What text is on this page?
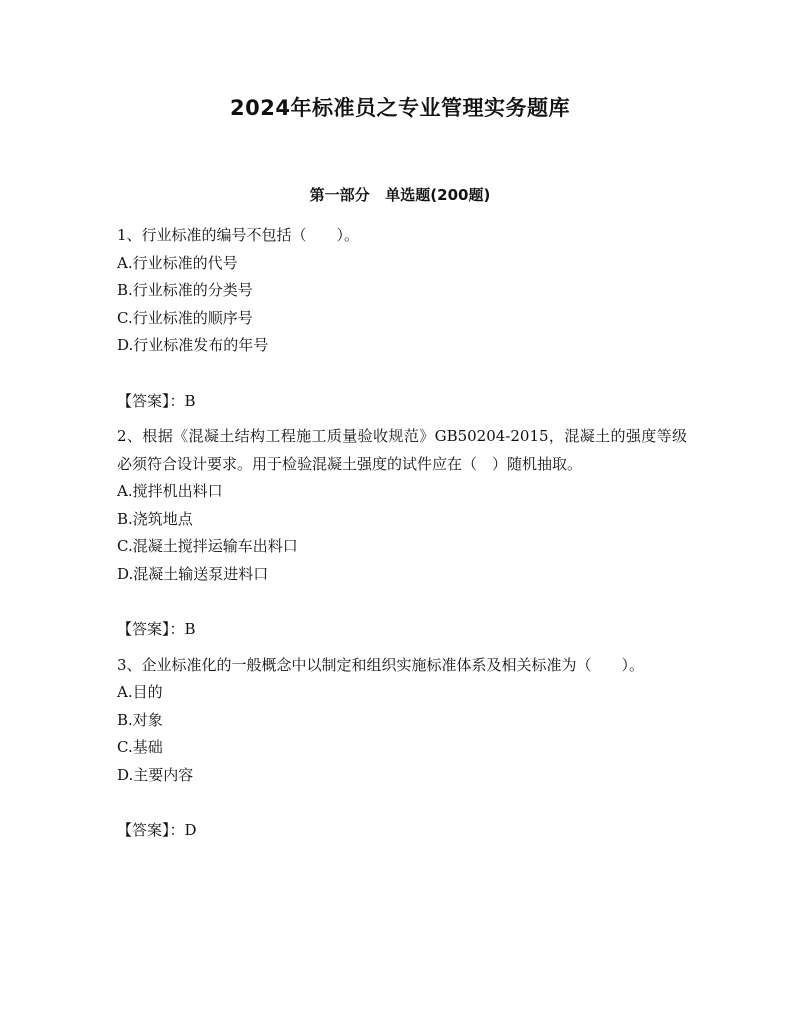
2024年标准员之专业管理实务题库
第一部分   单选题(200题)

1、行业标准的编号不包括（　　）。

A.行业标准的代号

B.行业标准的分类号

C.行业标准的顺序号

D.行业标准发布的年号

【答案】：B

2、根据《混凝土结构工程施工质量验收规范》GB50204-2015，混凝土的强度等级必须符合设计要求。用于检验混凝土强度的试件应在（　）随机抽取。

A.搅拌机出料口

B.浇筑地点

C.混凝土搅拌运输车出料口

D.混凝土输送泵进料口

【答案】：B

3、企业标准化的一般概念中以制定和组织实施标准体系及相关标准为（　　）。

A.目的

B.对象

C.基础

D.主要内容

【答案】：D
